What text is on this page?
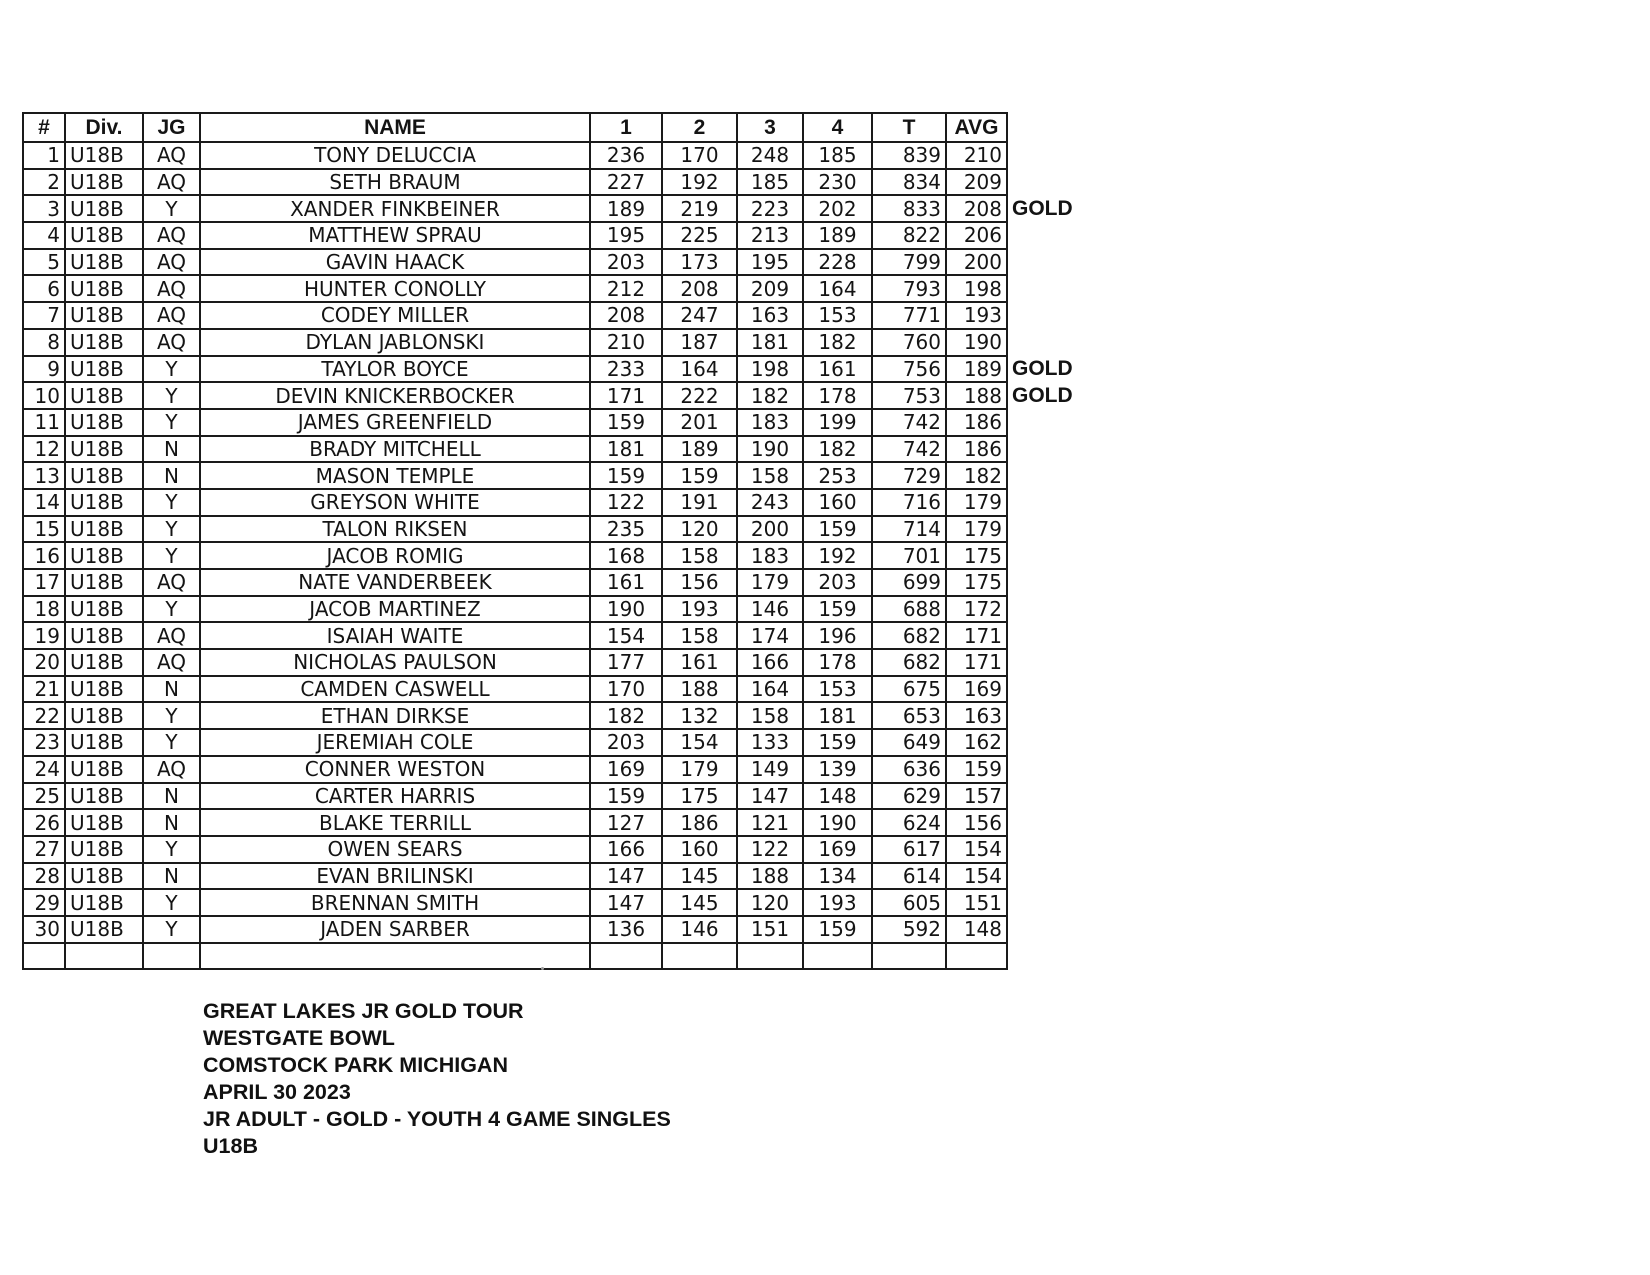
#	Div.	JG	NAME	1	2	3	4	T	AVG	
1	U18B	AQ	TONY DELUCCIA	236	170	248	185	839	210	
2	U18B	AQ	SETH BRAUM	227	192	185	230	834	209	
3	U18B	Y	XANDER FINKBEINER	189	219	223	202	833	208	GOLD
4	U18B	AQ	MATTHEW SPRAU	195	225	213	189	822	206	
5	U18B	AQ	GAVIN HAACK	203	173	195	228	799	200	
6	U18B	AQ	HUNTER CONOLLY	212	208	209	164	793	198	
7	U18B	AQ	CODEY MILLER	208	247	163	153	771	193	
8	U18B	AQ	DYLAN JABLONSKI	210	187	181	182	760	190	
9	U18B	Y	TAYLOR BOYCE	233	164	198	161	756	189	GOLD
10	U18B	Y	DEVIN KNICKERBOCKER	171	222	182	178	753	188	GOLD
11	U18B	Y	JAMES GREENFIELD	159	201	183	199	742	186	
12	U18B	N	BRADY MITCHELL	181	189	190	182	742	186	
13	U18B	N	MASON TEMPLE	159	159	158	253	729	182	
14	U18B	Y	GREYSON WHITE	122	191	243	160	716	179	
15	U18B	Y	TALON RIKSEN	235	120	200	159	714	179	
16	U18B	Y	JACOB ROMIG	168	158	183	192	701	175	
17	U18B	AQ	NATE VANDERBEEK	161	156	179	203	699	175	
18	U18B	Y	JACOB MARTINEZ	190	193	146	159	688	172	
19	U18B	AQ	ISAIAH WAITE	154	158	174	196	682	171	
20	U18B	AQ	NICHOLAS PAULSON	177	161	166	178	682	171	
21	U18B	N	CAMDEN CASWELL	170	188	164	153	675	169	
22	U18B	Y	ETHAN DIRKSE	182	132	158	181	653	163	
23	U18B	Y	JEREMIAH COLE	203	154	133	159	649	162	
24	U18B	AQ	CONNER WESTON	169	179	149	139	636	159	
25	U18B	N	CARTER HARRIS	159	175	147	148	629	157	
26	U18B	N	BLAKE TERRILL	127	186	121	190	624	156	
27	U18B	Y	OWEN SEARS	166	160	122	169	617	154	
28	U18B	N	EVAN BRILINSKI	147	145	188	134	614	154	
29	U18B	Y	BRENNAN SMITH	147	145	120	193	605	151	
30	U18B	Y	JADEN SARBER	136	146	151	159	592	148	

GREAT LAKES JR GOLD TOUR
WESTGATE BOWL
COMSTOCK PARK MICHIGAN
APRIL 30 2023
JR ADULT - GOLD - YOUTH 4 GAME SINGLES
U18B
